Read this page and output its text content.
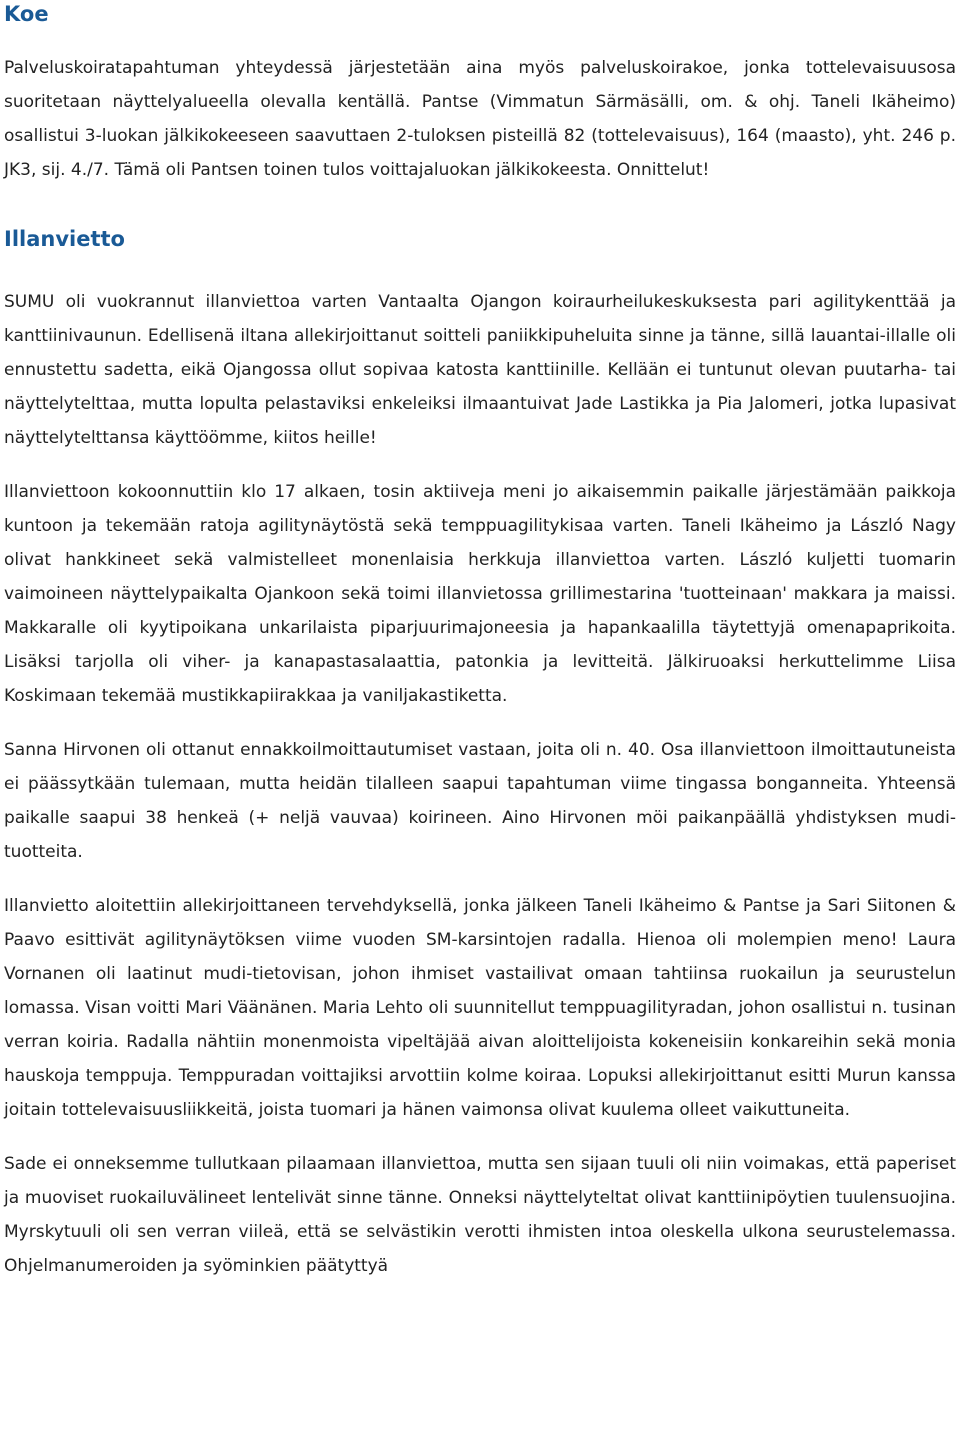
Koe

Palveluskoiratapahtuman yhteydessä järjestetään aina myös palveluskoirakoe, jonka tottelevaisuusosa suoritetaan näyttelyalueella olevalla kentällä. Pantse (Vimmatun Särmäsälli, om. & ohj. Taneli Ikäheimo) osallistui 3-luokan jälkikokeeseen saavuttaen 2-tuloksen pisteillä 82 (tottelevaisuus), 164 (maasto), yht. 246 p. JK3, sij. 4./7. Tämä oli Pantsen toinen tulos voittajaluokan jälkikokeesta. Onnittelut!

Illanvietto

SUMU oli vuokrannut illanviettoa varten Vantaalta Ojangon koiraurheilukeskuksesta pari agilitykenttää ja kanttiinivaunun. Edellisenä iltana allekirjoittanut soitteli paniikkipuheluita sinne ja tänne, sillä lauantai-illalle oli ennustettu sadetta, eikä Ojangossa ollut sopivaa katosta kanttiinille. Kellään ei tuntunut olevan puutarha- tai näyttelytelttaa, mutta lopulta pelastaviksi enkeleiksi ilmaantuivat Jade Lastikka ja Pia Jalomeri, jotka lupasivat näyttelytelttansa käyttöömme, kiitos heille!

Illanviettoon kokoonnuttiin klo 17 alkaen, tosin aktiiveja meni jo aikaisemmin paikalle järjestämään paikkoja kuntoon ja tekemään ratoja agilitynäytöstä sekä temppuagilitykisaa varten. Taneli Ikäheimo ja László Nagy olivat hankkineet sekä valmistelleet monenlaisia herkkuja illanviettoa varten. László kuljetti tuomarin vaimoineen näyttelypaikalta Ojankoon sekä toimi illanvietossa grillimestarina 'tuotteinaan' makkara ja maissi. Makkaralle oli kyytipoikana unkarilaista piparjuurimajoneesia ja hapankaalilla täytettyjä omenapaprikoita. Lisäksi tarjolla oli viher- ja kanapastasalaattia, patonkia ja levitteitä. Jälkiruoaksi herkuttelimme Liisa Koskimaan tekemää mustikkapiirakkaa ja vaniljakastiketta.

Sanna Hirvonen oli ottanut ennakkoilmoittautumiset vastaan, joita oli n. 40. Osa illanviettoon ilmoittautuneista ei päässytkään tulemaan, mutta heidän tilalleen saapui tapahtuman viime tingassa bonganneita. Yhteensä paikalle saapui 38 henkeä (+ neljä vauvaa) koirineen. Aino Hirvonen möi paikanpäällä yhdistyksen mudi-tuotteita.

Illanvietto aloitettiin allekirjoittaneen tervehdyksellä, jonka jälkeen Taneli Ikäheimo & Pantse ja Sari Siitonen & Paavo esittivät agilitynäytöksen viime vuoden SM-karsintojen radalla. Hienoa oli molempien meno! Laura Vornanen oli laatinut mudi-tietovisan, johon ihmiset vastailivat omaan tahtiinsa ruokailun ja seurustelun lomassa. Visan voitti Mari Väänänen. Maria Lehto oli suunnitellut temppuagilityradan, johon osallistui n. tusinan verran koiria. Radalla nähtiin monenmoista vipeltäjää aivan aloittelijoista kokeneisiin konkareihin sekä monia hauskoja temppuja. Temppuradan voittajiksi arvottiin kolme koiraa. Lopuksi allekirjoittanut esitti Murun kanssa joitain tottelevaisuusliikkeitä, joista tuomari ja hänen vaimonsa olivat kuulema olleet vaikuttuneita.

Sade ei onneksemme tullutkaan pilaamaan illanviettoa, mutta sen sijaan tuuli oli niin voimakas, että paperiset ja muoviset ruokailuvälineet lentelivät sinne tänne. Onneksi näyttelyteltat olivat kanttiinipöytien tuulensuojina. Myrskytuuli oli sen verran viileä, että se selvästikin verotti ihmisten intoa oleskella ulkona seurustelemassa. Ohjelmanumeroiden ja syöminkien päätyttyä
